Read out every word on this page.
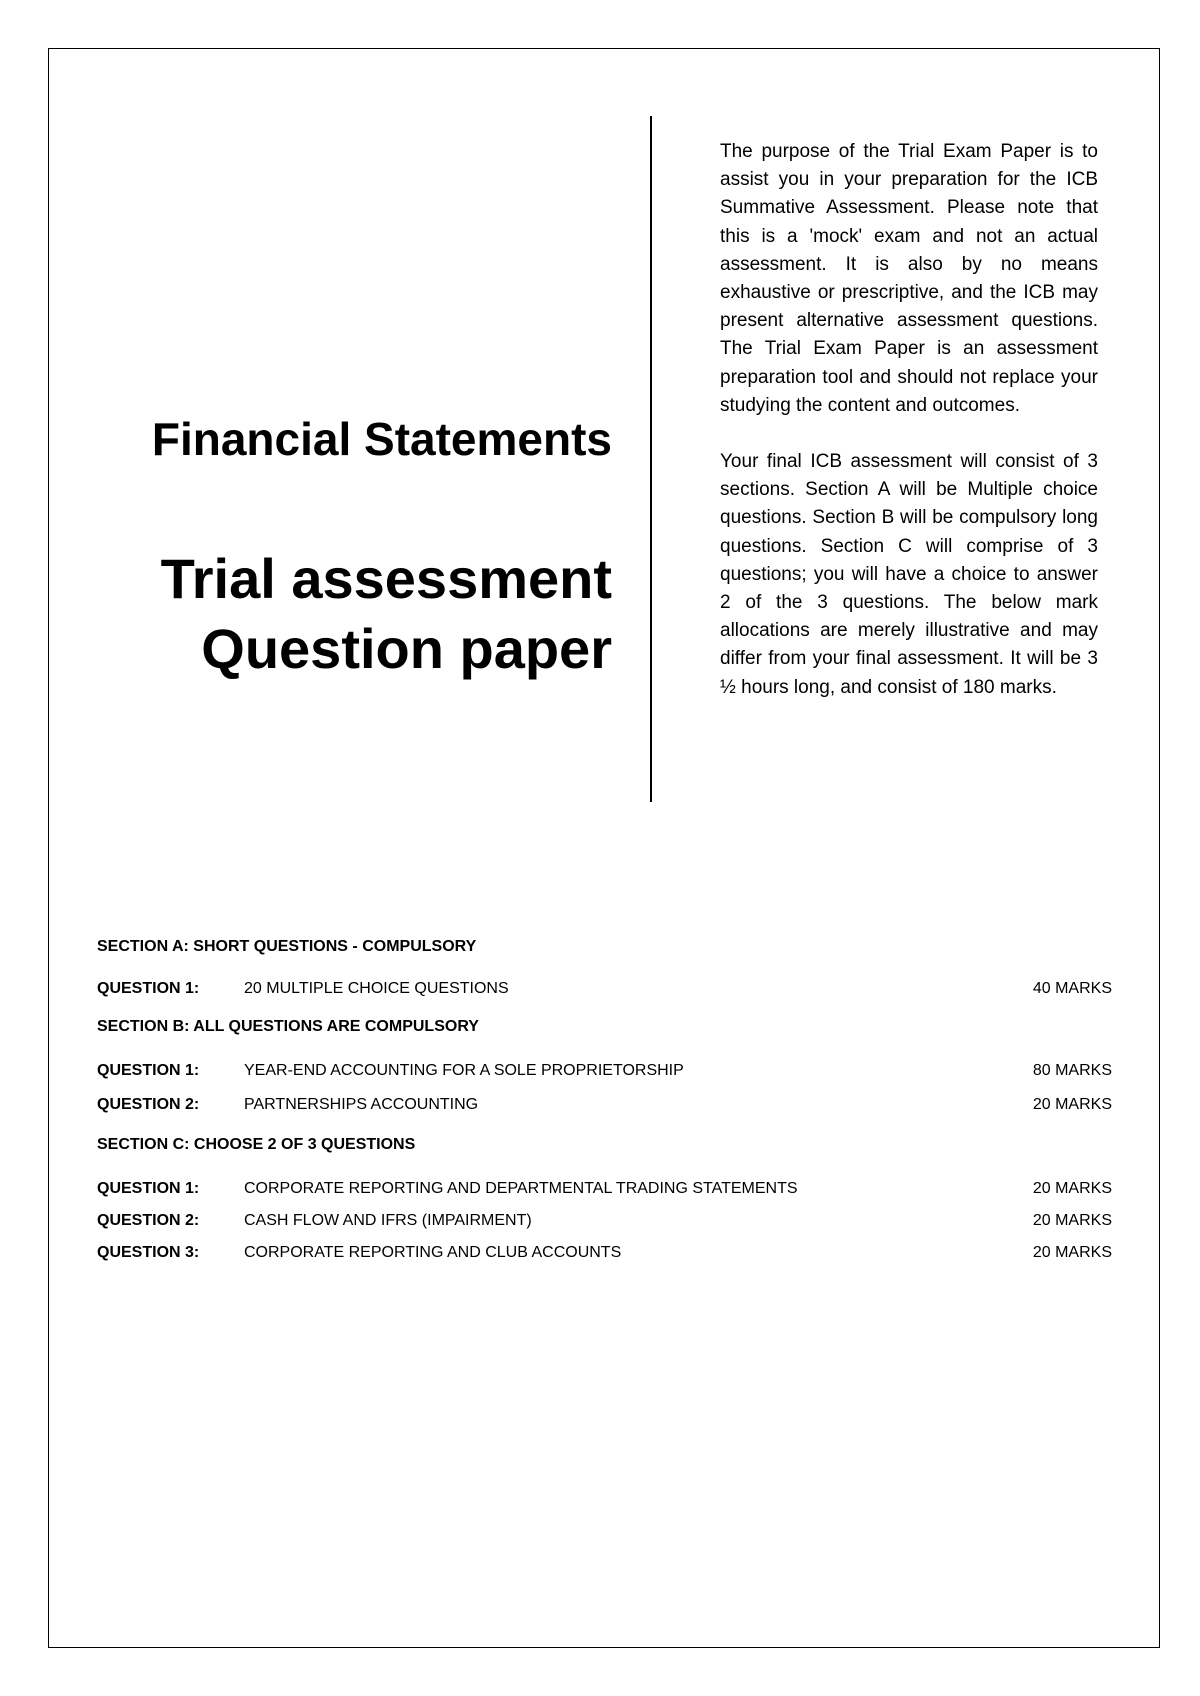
Financial Statements
Trial assessment
Question paper

The purpose of the Trial Exam Paper is to assist you in your preparation for the ICB Summative Assessment. Please note that this is a 'mock' exam and not an actual assessment. It is also by no means exhaustive or prescriptive, and the ICB may present alternative assessment questions. The Trial Exam Paper is an assessment preparation tool and should not replace your studying the content and outcomes.

Your final ICB assessment will consist of 3 sections. Section A will be Multiple choice questions. Section B will be compulsory long questions. Section C will comprise of 3 questions; you will have a choice to answer 2 of the 3 questions. The below mark allocations are merely illustrative and may differ from your final assessment. It will be 3 ½ hours long, and consist of 180 marks.

SECTION A: SHORT QUESTIONS - COMPULSORY
QUESTION 1:	20 MULTIPLE CHOICE QUESTIONS	40 MARKS
SECTION B: ALL QUESTIONS ARE COMPULSORY
QUESTION 1:	YEAR-END ACCOUNTING FOR A SOLE PROPRIETORSHIP	80 MARKS
QUESTION 2:	PARTNERSHIPS ACCOUNTING	20 MARKS
SECTION C: CHOOSE 2 OF 3 QUESTIONS
QUESTION 1:	CORPORATE REPORTING AND DEPARTMENTAL TRADING STATEMENTS	20 MARKS
QUESTION 2:	CASH FLOW AND IFRS (IMPAIRMENT)	20 MARKS
QUESTION 3:	CORPORATE REPORTING AND CLUB ACCOUNTS	20 MARKS
